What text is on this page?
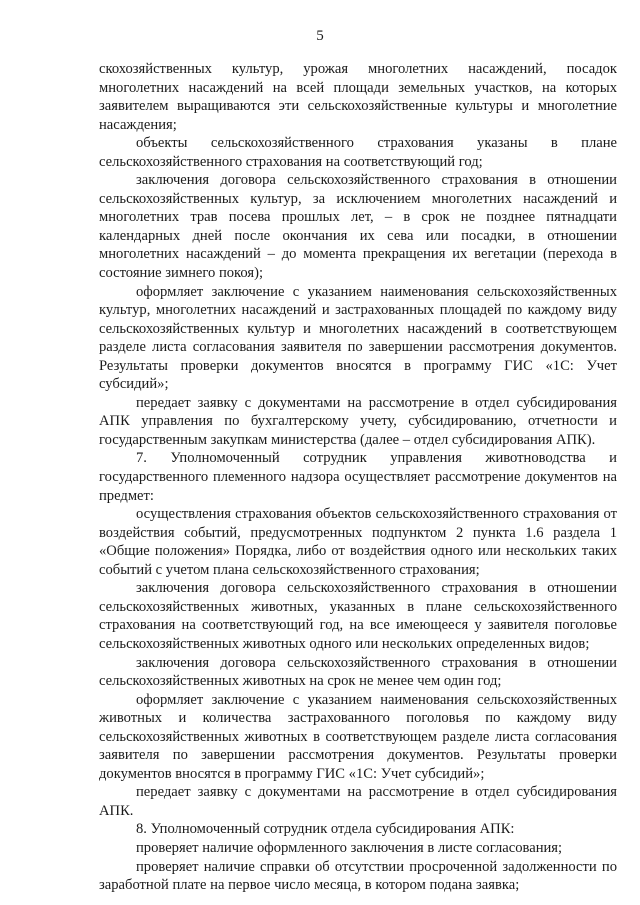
5

скохозяйственных культур, урожая многолетних насаждений, посадок многолетних насаждений на всей площади земельных участков, на которых заявителем выращиваются эти сельскохозяйственные культуры и многолетние насаждения;

объекты сельскохозяйственного страхования указаны в плане сельскохозяйственного страхования на соответствующий год;

заключения договора сельскохозяйственного страхования в отношении сельскохозяйственных культур, за исключением многолетних насаждений и многолетних трав посева прошлых лет, – в срок не позднее пятнадцати календарных дней после окончания их сева или посадки, в отношении многолетних насаждений – до момента прекращения их вегетации (перехода в состояние зимнего покоя);

оформляет заключение с указанием наименования сельскохозяйственных культур, многолетних насаждений и застрахованных площадей по каждому виду сельскохозяйственных культур и многолетних насаждений в соответствующем разделе листа согласования заявителя по завершении рассмотрения документов. Результаты проверки документов вносятся в программу ГИС «1С: Учет субсидий»;

передает заявку с документами на рассмотрение в отдел субсидирования АПК управления по бухгалтерскому учету, субсидированию, отчетности и государственным закупкам министерства (далее – отдел субсидирования АПК).

7. Уполномоченный сотрудник управления животноводства и государственного племенного надзора осуществляет рассмотрение документов на предмет:

осуществления страхования объектов сельскохозяйственного страхования от воздействия событий, предусмотренных подпунктом 2 пункта 1.6 раздела 1 «Общие положения» Порядка, либо от воздействия одного или нескольких таких событий с учетом плана сельскохозяйственного страхования;

заключения договора сельскохозяйственного страхования в отношении сельскохозяйственных животных, указанных в плане сельскохозяйственного страхования на соответствующий год, на все имеющееся у заявителя поголовье сельскохозяйственных животных одного или нескольких определенных видов;

заключения договора сельскохозяйственного страхования в отношении сельскохозяйственных животных на срок не менее чем один год;

оформляет заключение с указанием наименования сельскохозяйственных животных и количества застрахованного поголовья по каждому виду сельскохозяйственных животных в соответствующем разделе листа согласования заявителя по завершении рассмотрения документов. Результаты проверки документов вносятся в программу ГИС «1С: Учет субсидий»;

передает заявку с документами на рассмотрение в отдел субсидирования АПК.

8. Уполномоченный сотрудник отдела субсидирования АПК:

проверяет наличие оформленного заключения в листе согласования;

проверяет наличие справки об отсутствии просроченной задолженности по заработной плате на первое число месяца, в котором подана заявка;
